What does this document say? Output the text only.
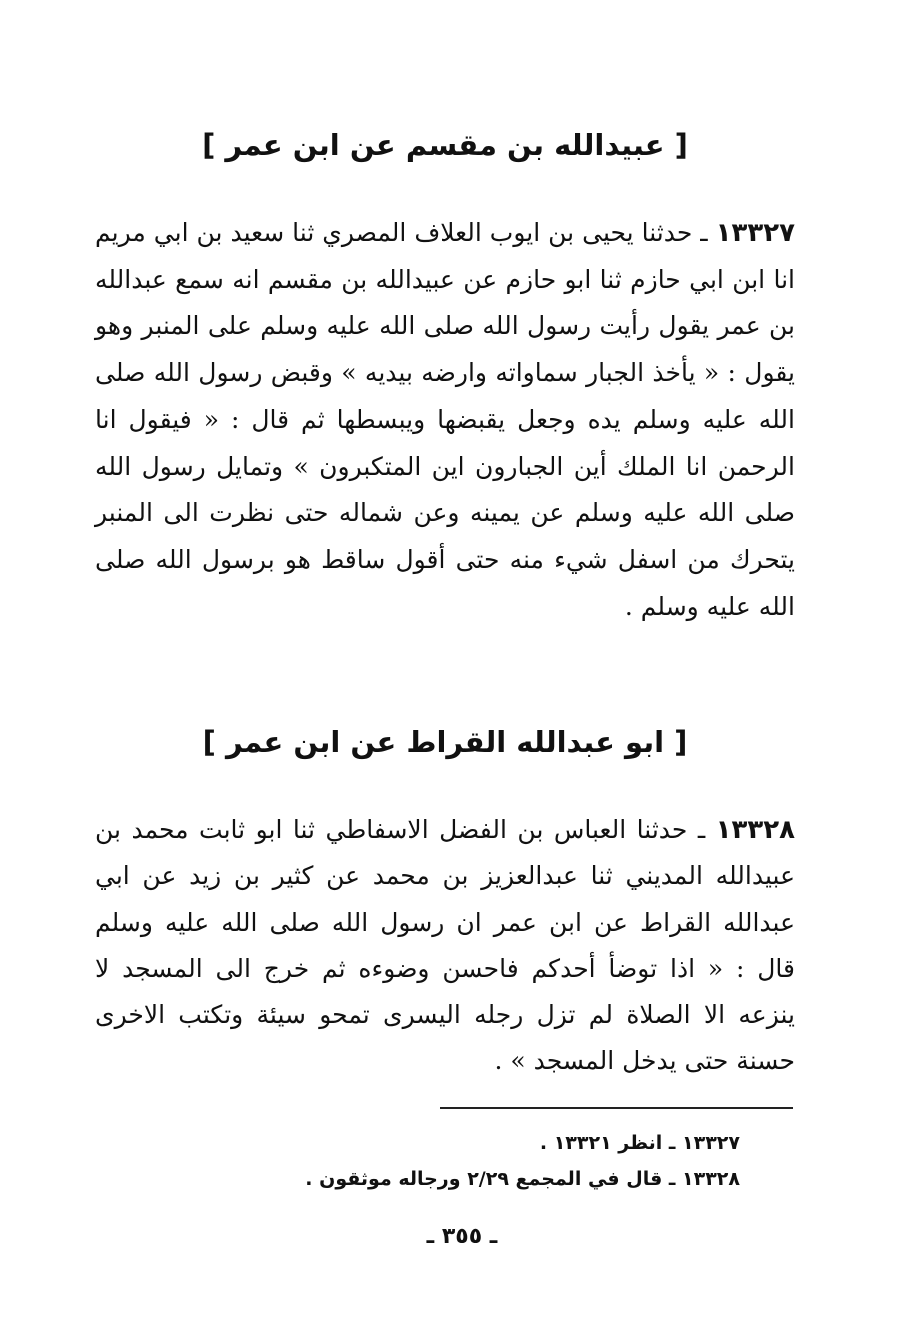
[ عبيدالله بن مقسم عن ابن عمر ]
١٣٣٢٧ ـ حدثنا يحيى بن ايوب العلاف المصري ثنا سعيد بن ابي مريم انا ابن ابي حازم ثنا ابو حازم عن عبيدالله بن مقسم انه سمع عبدالله بن عمر يقول رأيت رسول الله صلى الله عليه وسلم على المنبر وهو يقول : « يأخذ الجبار سماواته وارضه بيديه » وقبض رسول الله صلى الله عليه وسلم يده وجعل يقبضها ويبسطها ثم قال : « فيقول انا الرحمن انا الملك أين الجبارون اين المتكبرون » وتمايل رسول الله صلى الله عليه وسلم عن يمينه وعن شماله حتى نظرت الى المنبر يتحرك من اسفل شيء منه حتى أقول ساقط هو برسول الله صلى الله عليه وسلم .
[ ابو عبدالله القراط عن ابن عمر ]
١٣٣٢٨ ـ حدثنا العباس بن الفضل الاسفاطي ثنا ابو ثابت محمد بن عبيدالله المديني ثنا عبدالعزيز بن محمد عن كثير بن زيد عن ابي عبدالله القراط عن ابن عمر ان رسول الله صلى الله عليه وسلم قال : « اذا توضأ أحدكم فاحسن وضوءه ثم خرج الى المسجد لا ينزعه الا الصلاة لم تزل رجله اليسرى تمحو سيئة وتكتب الاخرى حسنة حتى يدخل المسجد » .
١٣٣٢٧ ـ انظر ١٣٣٢١ .
١٣٣٢٨ ـ قال في المجمع ٢/٢٩ ورجاله موثقون .
ـ ٣٥٥ ـ
